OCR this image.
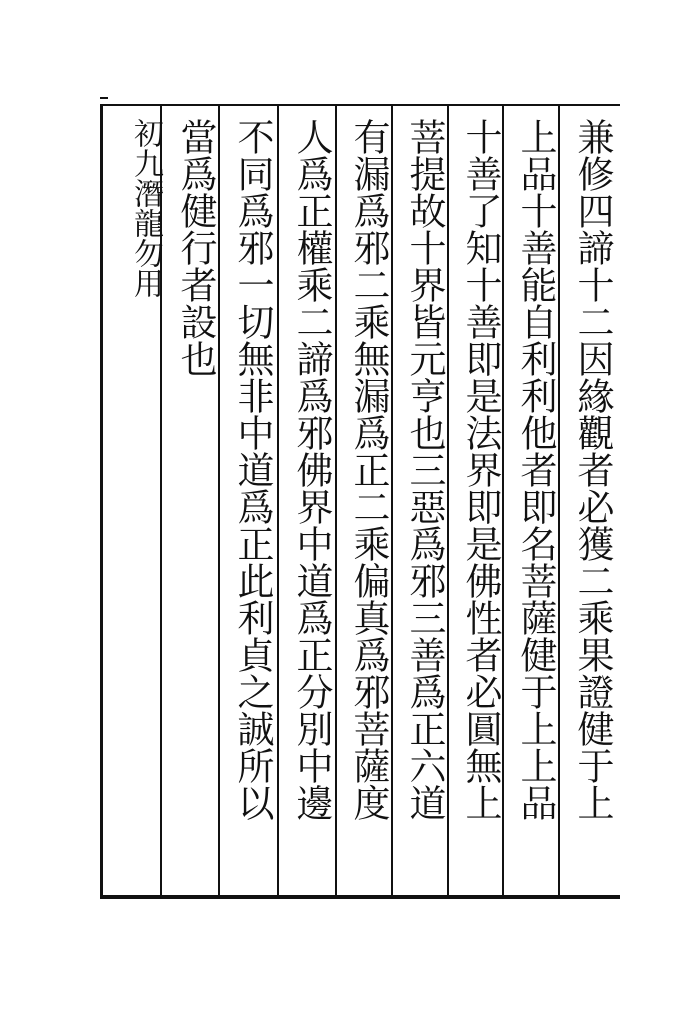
兼修四諦十二因緣觀者必獲二乘果證健于上
上品十善能自利利他者即名菩薩健于上上品
十善了知十善即是法界即是佛性者必圓無上
菩提故十界皆元亨也三惡爲邪三善爲正六道
有漏爲邪二乘無漏爲正二乘偏真爲邪菩薩度
人爲正權乘二諦爲邪佛界中道爲正分別中邊
不同爲邪一切無非中道爲正此利貞之誠所以
當爲健行者設也
初九潛龍勿用
